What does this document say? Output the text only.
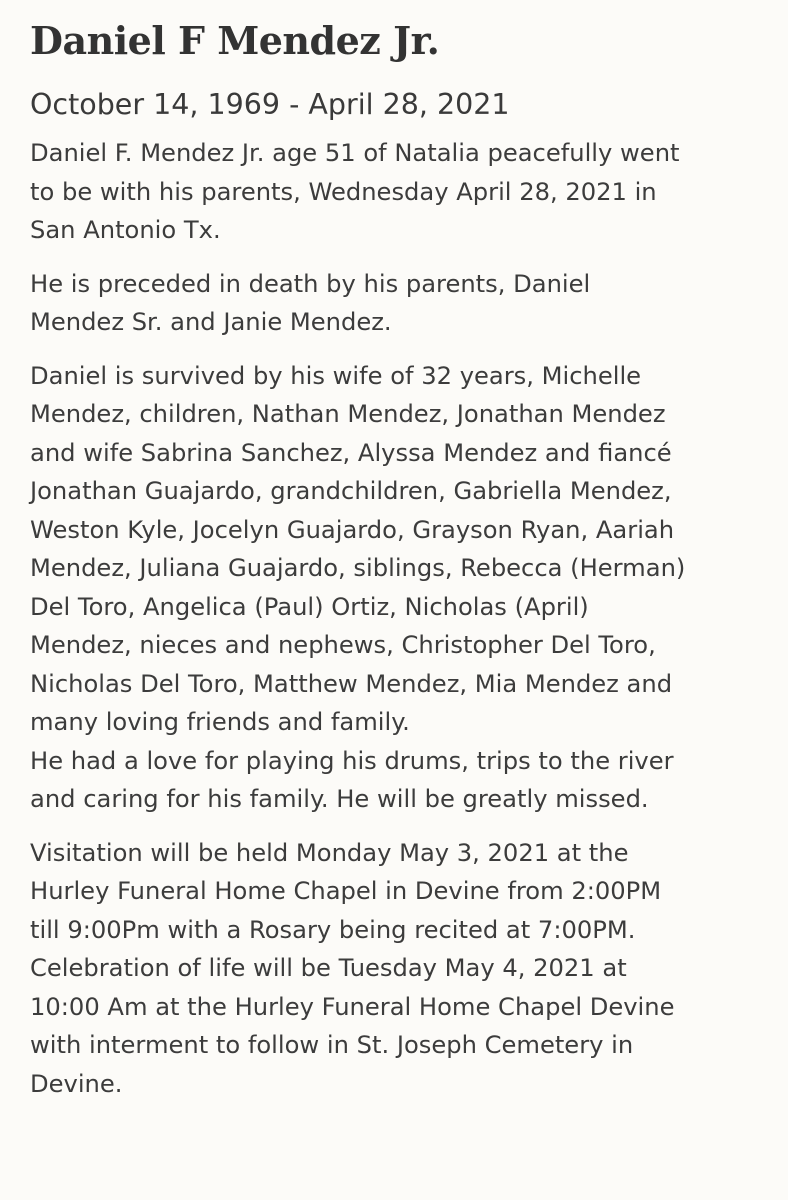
Daniel F Mendez Jr.
October 14, 1969 - April 28, 2021

Daniel F. Mendez Jr. age 51 of Natalia peacefully went
to be with his parents, Wednesday April 28, 2021 in
San Antonio Tx.

He is preceded in death by his parents, Daniel
Mendez Sr. and Janie Mendez.

Daniel is survived by his wife of 32 years, Michelle
Mendez, children, Nathan Mendez, Jonathan Mendez
and wife Sabrina Sanchez, Alyssa Mendez and fiancé
Jonathan Guajardo, grandchildren, Gabriella Mendez,
Weston Kyle, Jocelyn Guajardo, Grayson Ryan, Aariah
Mendez, Juliana Guajardo, siblings, Rebecca (Herman)
Del Toro, Angelica (Paul) Ortiz, Nicholas (April)
Mendez, nieces and nephews, Christopher Del Toro,
Nicholas Del Toro, Matthew Mendez, Mia Mendez and
many loving friends and family.

He had a love for playing his drums, trips to the river
and caring for his family. He will be greatly missed.

Visitation will be held Monday May 3, 2021 at the
Hurley Funeral Home Chapel in Devine from 2:00PM
till 9:00Pm with a Rosary being recited at 7:00PM.
Celebration of life will be Tuesday May 4, 2021 at
10:00 Am at the Hurley Funeral Home Chapel Devine
with interment to follow in St. Joseph Cemetery in
Devine.
